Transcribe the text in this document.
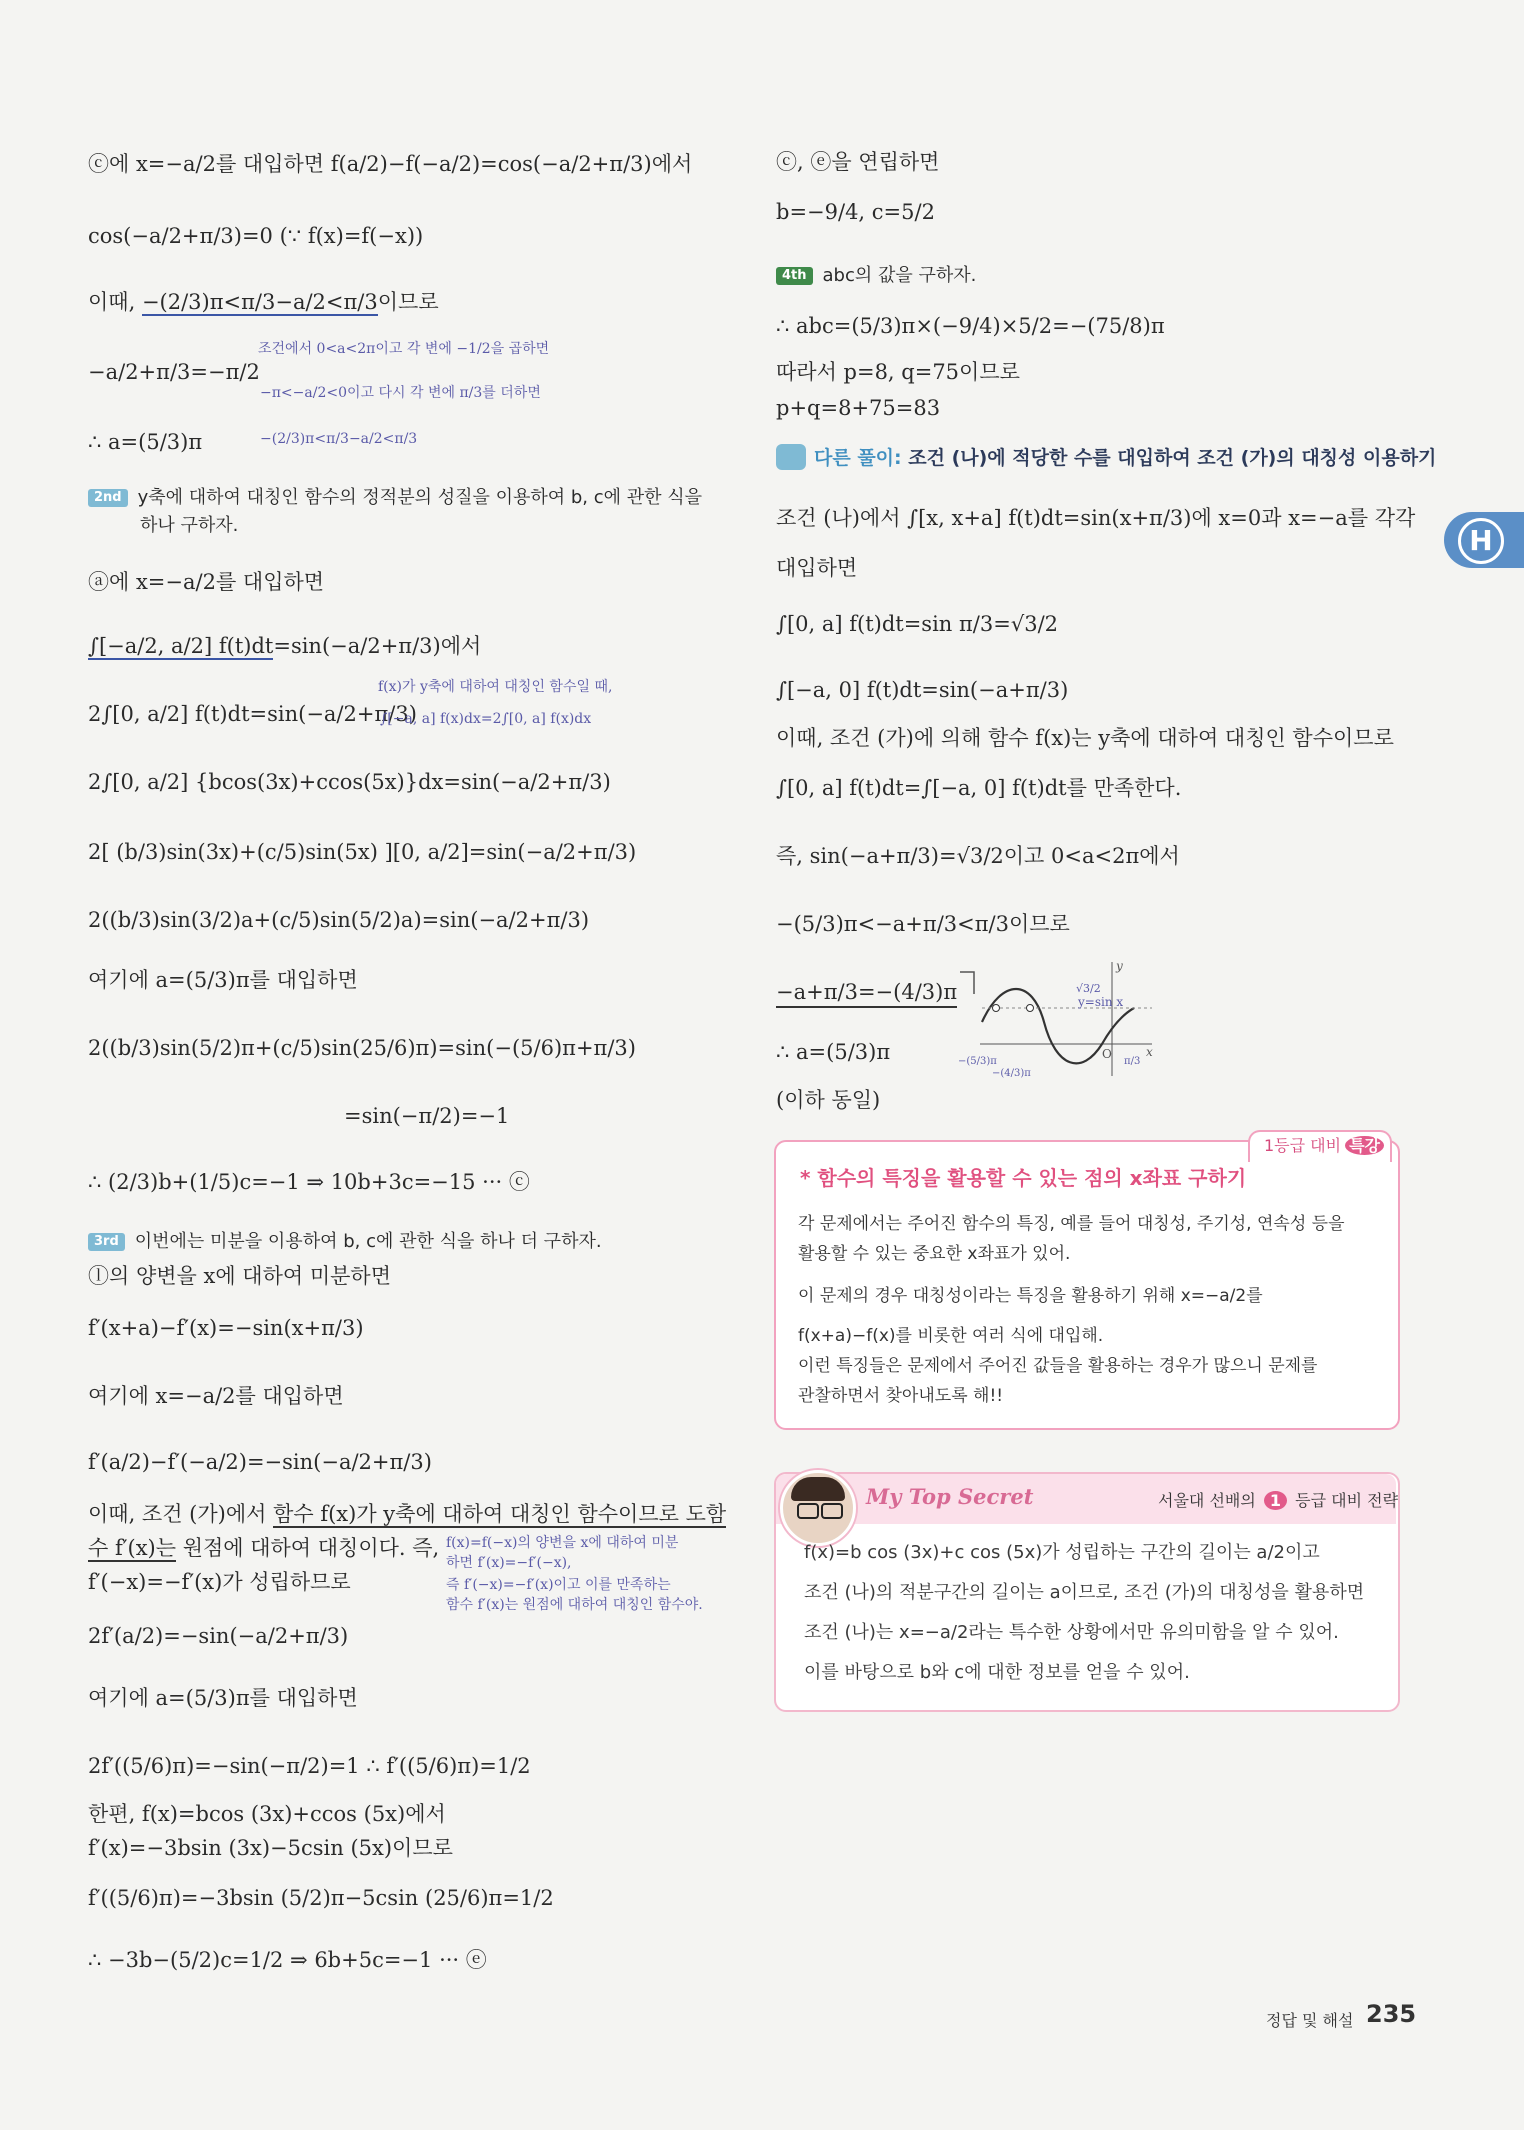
H
ⓒ에 x=−a/2를 대입하면 f(a/2)−f(−a/2)=cos(−a/2+π/3)에서
cos(−a/2+π/3)=0 (∵ f(x)=f(−x))
이때, −(2/3)π<π/3−a/2<π/3이므로
−a/2+π/3=−π/2
조건에서 0<a<2π이고 각 변에 −1/2을 곱하면
−π<−a/2<0이고 다시 각 변에 π/3를 더하면
∴ a=(5/3)π	−(2/3)π<π/3−a/2<π/3
2nd y축에 대하여 대칭인 함수의 정적분의 성질을 이용하여 b, c에 관한 식을
하나 구하자.
ⓐ에 x=−a/2를 대입하면
∫[−a/2, a/2] f(t)dt=sin(−a/2+π/3)에서
f(x)가 y축에 대하여 대칭인 함수일 때,
2∫[0, a/2] f(t)dt=sin(−a/2+π/3)
∫[−a, a] f(x)dx=2∫[0, a] f(x)dx
2∫[0, a/2] {bcos(3x)+ccos(5x)}dx=sin(−a/2+π/3)
2[ (b/3)sin(3x)+(c/5)sin(5x) ][0, a/2]=sin(−a/2+π/3)
2((b/3)sin(3/2)a+(c/5)sin(5/2)a)=sin(−a/2+π/3)
여기에 a=(5/3)π를 대입하면
2((b/3)sin(5/2)π+(c/5)sin(25/6)π)=sin(−(5/6)π+π/3)
=sin(−π/2)=−1
∴ (2/3)b+(1/5)c=−1 ⇒ 10b+3c=−15 ··· ⓒ
3rd 이번에는 미분을 이용하여 b, c에 관한 식을 하나 더 구하자.
ⓛ의 양변을 x에 대하여 미분하면
f′(x+a)−f′(x)=−sin(x+π/3)
여기에 x=−a/2를 대입하면
f′(a/2)−f′(−a/2)=−sin(−a/2+π/3)
이때, 조건 (가)에서 함수 f(x)가 y축에 대하여 대칭인 함수이므로 도함
수 f′(x)는 원점에 대하여 대칭이다. 즉,
f′(−x)=−f′(x)가 성립하므로
f(x)=f(−x)의 양변을 x에 대하여 미분
하면 f′(x)=−f′(−x),
즉 f′(−x)=−f′(x)이고 이를 만족하는
함수 f′(x)는 원점에 대하여 대칭인 함수야.
2f′(a/2)=−sin(−a/2+π/3)
여기에 a=(5/3)π를 대입하면
2f′((5/6)π)=−sin(−π/2)=1 ∴ f′((5/6)π)=1/2
한편, f(x)=bcos (3x)+ccos (5x)에서
f′(x)=−3bsin (3x)−5csin (5x)이므로
f′((5/6)π)=−3bsin (5/2)π−5csin (25/6)π=1/2
∴ −3b−(5/2)c=1/2 ⇒ 6b+5c=−1 ··· ⓔ
ⓒ, ⓔ을 연립하면
b=−9/4, c=5/2
4th abc의 값을 구하자.
∴ abc=(5/3)π×(−9/4)×5/2=−(75/8)π
따라서 p=8, q=75이므로
p+q=8+75=83
다른 풀이: 조건 (나)에 적당한 수를 대입하여 조건 (가)의 대칭성 이용하기
조건 (나)에서 ∫[x, x+a] f(t)dt=sin(x+π/3)에 x=0과 x=−a를 각각
대입하면
∫[0, a] f(t)dt=sin π/3=√3/2
∫[−a, 0] f(t)dt=sin(−a+π/3)
이때, 조건 (가)에 의해 함수 f(x)는 y축에 대하여 대칭인 함수이므로
∫[0, a] f(t)dt=∫[−a, 0] f(t)dt를 만족한다.
즉, sin(−a+π/3)=√3/2이고 0<a<2π에서
−(5/3)π<−a+π/3<π/3이므로
−a+π/3=−(4/3)π
∴ a=(5/3)π
(이하 동일)
y
x
O
y=sin x
√3/2
−(5/3)π
−(4/3)π
π/3
1등급 대비 특강
* 함수의 특징을 활용할 수 있는 점의 x좌표 구하기
각 문제에서는 주어진 함수의 특징, 예를 들어 대칭성, 주기성, 연속성 등을
활용할 수 있는 중요한 x좌표가 있어.
이 문제의 경우 대칭성이라는 특징을 활용하기 위해 x=−a/2를
f(x+a)−f(x)를 비롯한 여러 식에 대입해.
이런 특징들은 문제에서 주어진 값들을 활용하는 경우가 많으니 문제를
관찰하면서 찾아내도록 해!!
My Top Secret	서울대 선배의 1 등급 대비 전략
f(x)=b cos (3x)+c cos (5x)가 성립하는 구간의 길이는 a/2이고
조건 (나)의 적분구간의 길이는 a이므로, 조건 (가)의 대칭성을 활용하면
조건 (나)는 x=−a/2라는 특수한 상황에서만 유의미함을 알 수 있어.
이를 바탕으로 b와 c에 대한 정보를 얻을 수 있어.
정답 및 해설 235
